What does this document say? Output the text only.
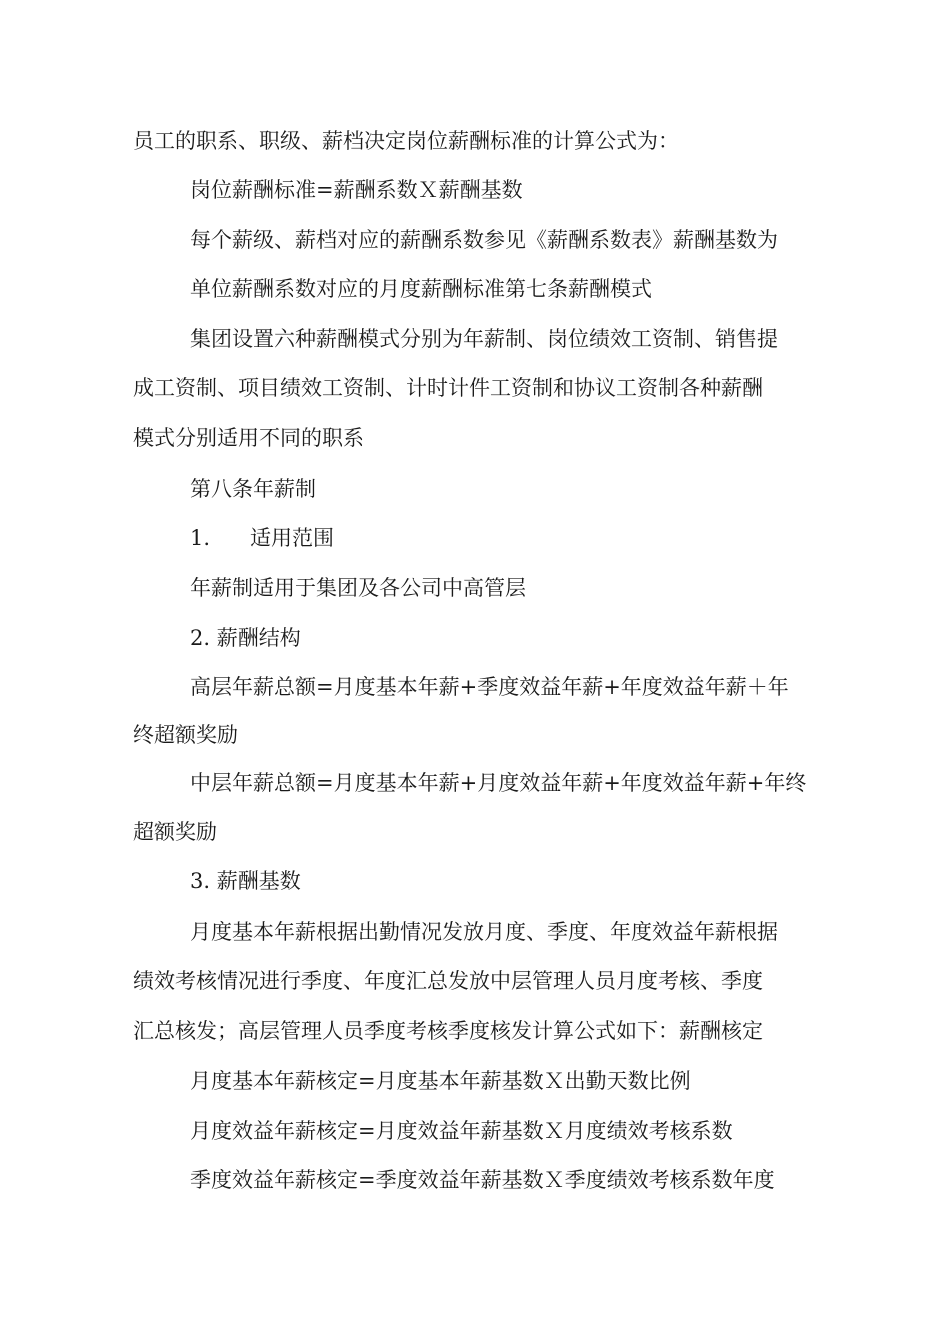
员工的职系、职级、薪档决定岗位薪酬标准的计算公式为：
岗位薪酬标准=薪酬系数Ｘ薪酬基数
每个薪级、薪档对应的薪酬系数参见《薪酬系数表》薪酬基数为
单位薪酬系数对应的月度薪酬标准第七条薪酬模式
集团设置六种薪酬模式分别为年薪制、岗位绩效工资制、销售提
成工资制、项目绩效工资制、计时计件工资制和协议工资制各种薪酬
模式分别适用不同的职系
第八条年薪制
1. 适用范围
年薪制适用于集团及各公司中高管层
2. 薪酬结构
高层年薪总额=月度基本年薪+季度效益年薪+年度效益年薪＋年
终超额奖励
中层年薪总额=月度基本年薪+月度效益年薪+年度效益年薪+年终
超额奖励
3. 薪酬基数
月度基本年薪根据出勤情况发放月度、季度、年度效益年薪根据
绩效考核情况进行季度、年度汇总发放中层管理人员月度考核、季度
汇总核发；高层管理人员季度考核季度核发计算公式如下：薪酬核定
月度基本年薪核定=月度基本年薪基数Ｘ出勤天数比例
月度效益年薪核定=月度效益年薪基数Ｘ月度绩效考核系数
季度效益年薪核定=季度效益年薪基数Ｘ季度绩效考核系数年度
